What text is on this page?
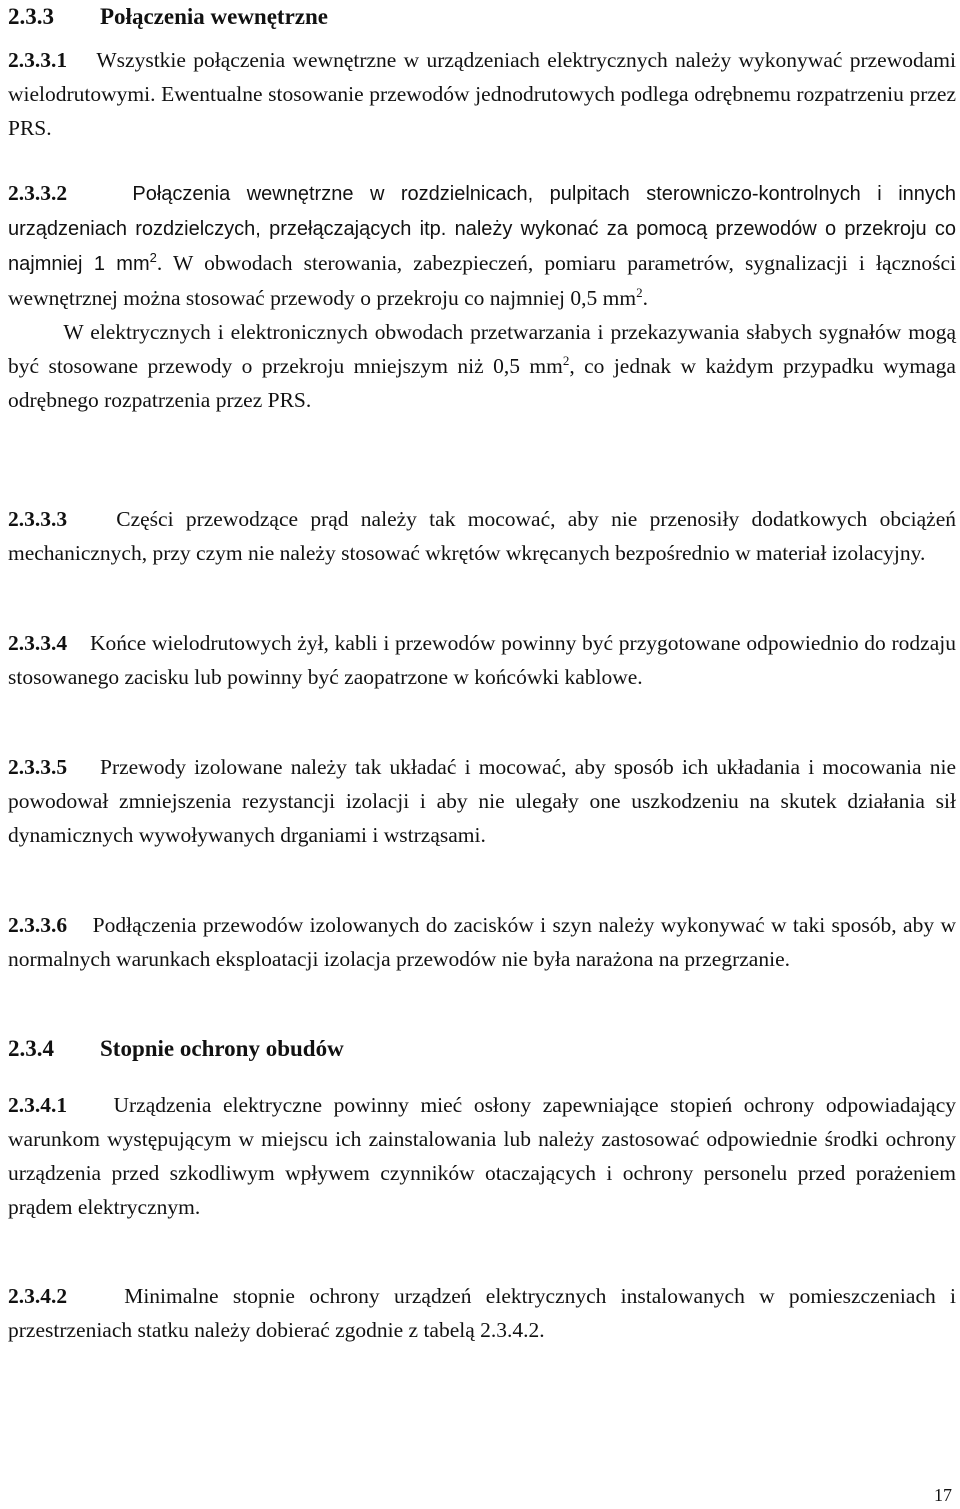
2.3.3 Połączenia wewnętrzne

2.3.3.1 Wszystkie połączenia wewnętrzne w urządzeniach elektrycznych należy wykonywać przewodami wielodrutowymi. Ewentualne stosowanie przewodów jednodrutowych podlega odrębnemu rozpatrzeniu przez PRS.

2.3.3.2	Połączenia wewnętrzne w rozdzielnicach, pulpitach sterowniczo-kontrolnych i innych urządzeniach rozdzielczych, przełączających itp. należy wykonać za pomocą przewodów o przekroju co najmniej 1 $mm^2$. W obwodach sterowania, zabezpieczeń, pomiaru parametrów, sygnalizacji i łączności wewnętrznej można stosować przewody o przekroju co najmniej 0,5 $mm^2$.
W elektrycznych i elektronicznych obwodach przetwarzania i przekazywania słabych sygnałów mogą być stosowane przewody o przekroju mniejszym niż 0,5 $mm^2$, co jednak w każdym przypadku wymaga odrębnego rozpatrzenia przez PRS.

2.3.3.3 Części przewodzące prąd należy tak mocować, aby nie przenosiły dodatkowych obciążeń mechanicznych, przy czym nie należy stosować wkrętów wkręcanych bezpośrednio w materiał izolacyjny.

2.3.3.4 Końce wielodrutowych żył, kabli i przewodów powinny być przygotowane odpowiednio do rodzaju stosowanego zacisku lub powinny być zaopatrzone w końcówki kablowe.

2.3.3.5 Przewody izolowane należy tak układać i mocować, aby sposób ich układania i mocowania nie powodował zmniejszenia rezystancji izolacji i aby nie ulegały one uszkodzeniu na skutek działania sił dynamicznych wywoływanych drganiami i wstrząsami.

2.3.3.6 Podłączenia przewodów izolowanych do zacisków i szyn należy wykonywać w taki sposób, aby w normalnych warunkach eksploatacji izolacja przewodów nie była narażona na przegrzanie.

2.3.4 Stopnie ochrony obudów

2.3.4.1 Urządzenia elektryczne powinny mieć osłony zapewniające stopień ochrony odpowiadający warunkom występującym w miejscu ich zainstalowania lub należy zastosować odpowiednie środki ochrony urządzenia przed szkodliwym wpływem czynników otaczających i ochrony personelu przed porażeniem prądem elektrycznym.

2.3.4.2	Minimalne stopnie ochrony urządzeń elektrycznych instalowanych w pomieszczeniach i przestrzeniach statku należy dobierać zgodnie z tabelą 2.3.4.2.

17
